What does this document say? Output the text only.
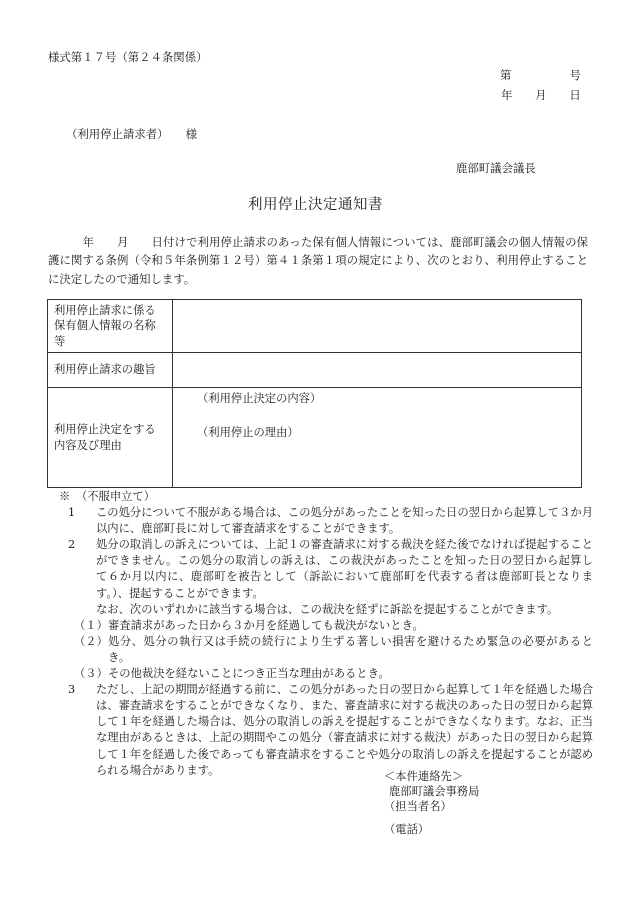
様式第１７号（第２４条関係）
第　　　　　号
年　　月　　日
（利用停止請求者）　　様
鹿部町議会議長
利用停止決定通知書
　　　年　　月　　日付けで利用停止請求のあった保有個人情報については、鹿部町議会の個人情報の保護に関する条例（令和５年条例第１２号）第４１条第１項の規定により、次のとおり、利用停止することに決定したので通知します。
利用停止請求に係る保有個人情報の名称等	
利用停止請求の趣旨	
利用停止決定をする内容及び理由	（利用停止決定の内容）
（利用停止の理由）
※　（不服申立て）
1	この処分について不服がある場合は、この処分があったことを知った日の翌日から起算して３か月以内に、鹿部町長に対して審査請求をすることができます。
2	処分の取消しの訴えについては、上記１の審査請求に対する裁決を経た後でなければ提起することができません。この処分の取消しの訴えは、この裁決があったことを知った日の翌日から起算して６か月以内に、鹿部町を被告として（訴訟において鹿部町を代表する者は鹿部町長となります。）、提起することができます。
なお、次のいずれかに該当する場合は、この裁決を経ずに訴訟を提起することができます。
（１） 審査請求があった日から３か月を経過しても裁決がないとき。
（２） 処分、処分の執行又は手続の続行により生ずる著しい損害を避けるため緊急の必要があるとき。
（３） その他裁決を経ないことにつき正当な理由があるとき。
3	ただし、上記の期間が経過する前に、この処分があった日の翌日から起算して１年を経過した場合は、審査請求をすることができなくなり、また、審査請求に対する裁決のあった日の翌日から起算して１年を経過した場合は、処分の取消しの訴えを提起することができなくなります。なお、正当な理由があるときは、上記の期間やこの処分（審査請求に対する裁決）があった日の翌日から起算して１年を経過した後であっても審査請求をすることや処分の取消しの訴えを提起することが認められる場合があります。	＜本件連絡先＞
鹿部町議会事務局
（担当者名）
（電話）
